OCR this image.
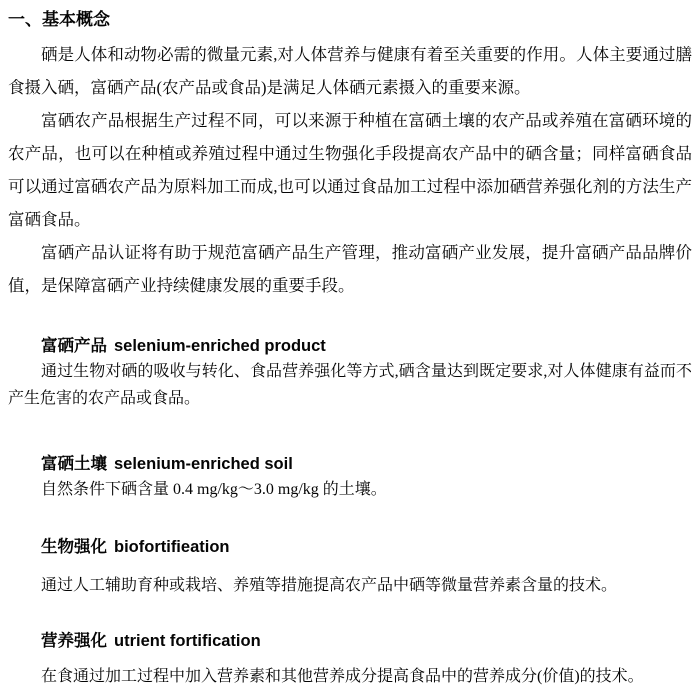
一、基本概念

硒是人体和动物必需的微量元素,对人体营养与健康有着至关重要的作用。人体主要通过膳食摄入硒，富硒产品(农产品或食品)是满足人体硒元素摄入的重要来源。

富硒农产品根据生产过程不同，可以来源于种植在富硒土壤的农产品或养殖在富硒环境的农产品，也可以在种植或养殖过程中通过生物强化手段提高农产品中的硒含量；同样富硒食品可以通过富硒农产品为原料加工而成,也可以通过食品加工过程中添加硒营养强化剂的方法生产富硒食品。

富硒产品认证将有助于规范富硒产品生产管理，推动富硒产业发展，提升富硒产品品牌价值，是保障富硒产业持续健康发展的重要手段。

富硒产品 selenium-enriched product

通过生物对硒的吸收与转化、食品营养强化等方式,硒含量达到既定要求,对人体健康有益而不产生危害的农产品或食品。

富硒土壤 selenium-enriched soil

自然条件下硒含量 0.4 mg/kg～3.0 mg/kg 的土壤。

生物强化 biofortifieation

通过人工辅助育种或栽培、养殖等措施提高农产品中硒等微量营养素含量的技术。

营养强化 utrient fortification

在食通过加工过程中加入营养素和其他营养成分提高食品中的营养成分(价值)的技术。
